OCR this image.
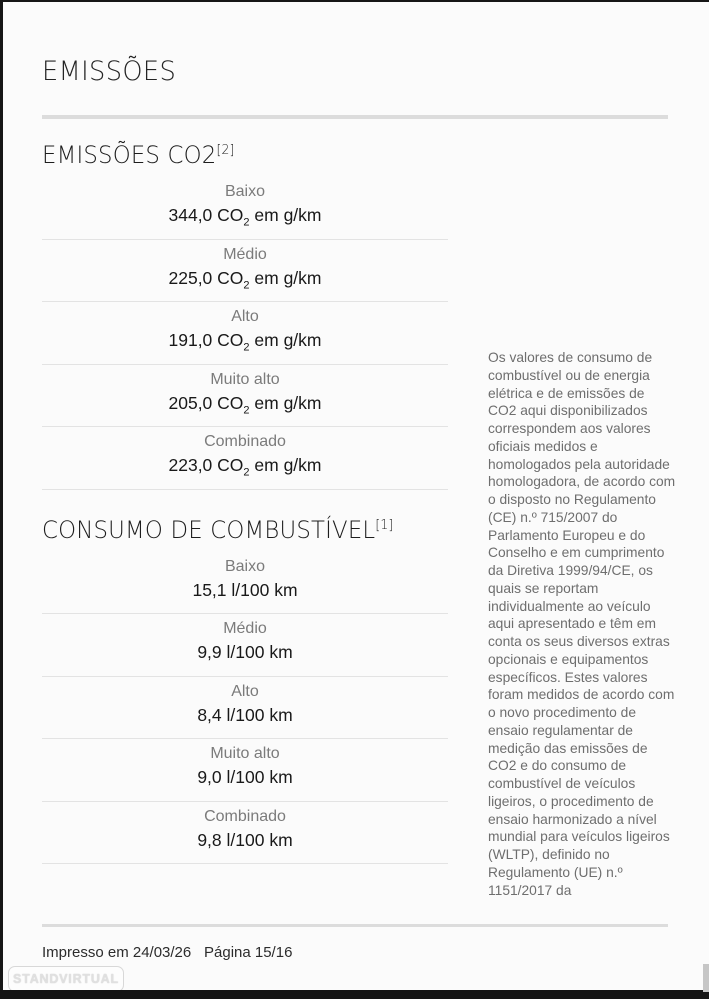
EMISSÕES
EMISSÕES CO2[2]
Baixo
344,0 $CO_2$ em g/km
Médio
225,0 $CO_2$ em g/km
Alto
191,0 $CO_2$ em g/km
Muito alto
205,0 $CO_2$ em g/km
Combinado
223,0 $CO_2$ em g/km
CONSUMO DE COMBUSTÍVEL[1]
Baixo
15,1 l/100 km
Médio
9,9 l/100 km
Alto
8,4 l/100 km
Muito alto
9,0 l/100 km
Combinado
9,8 l/100 km
Os valores de consumo de combustível ou de energia elétrica e de emissões de CO2 aqui disponibilizados correspondem aos valores oficiais medidos e homologados pela autoridade homologadora, de acordo com o disposto no Regulamento (CE) n.º 715/2007 do Parlamento Europeu e do Conselho e em cumprimento da Diretiva 1999/94/CE, os quais se reportam individualmente ao veículo aqui apresentado e têm em conta os seus diversos extras opcionais e equipamentos específicos. Estes valores foram medidos de acordo com o novo procedimento de ensaio regulamentar de medição das emissões de CO2 e do consumo de combustível de veículos ligeiros, o procedimento de ensaio harmonizado a nível mundial para veículos ligeiros (WLTP), definido no Regulamento (UE) n.º 1151/2017 da
Impresso em 24/03/26 Página 15/16
STANDVIRTUAL
